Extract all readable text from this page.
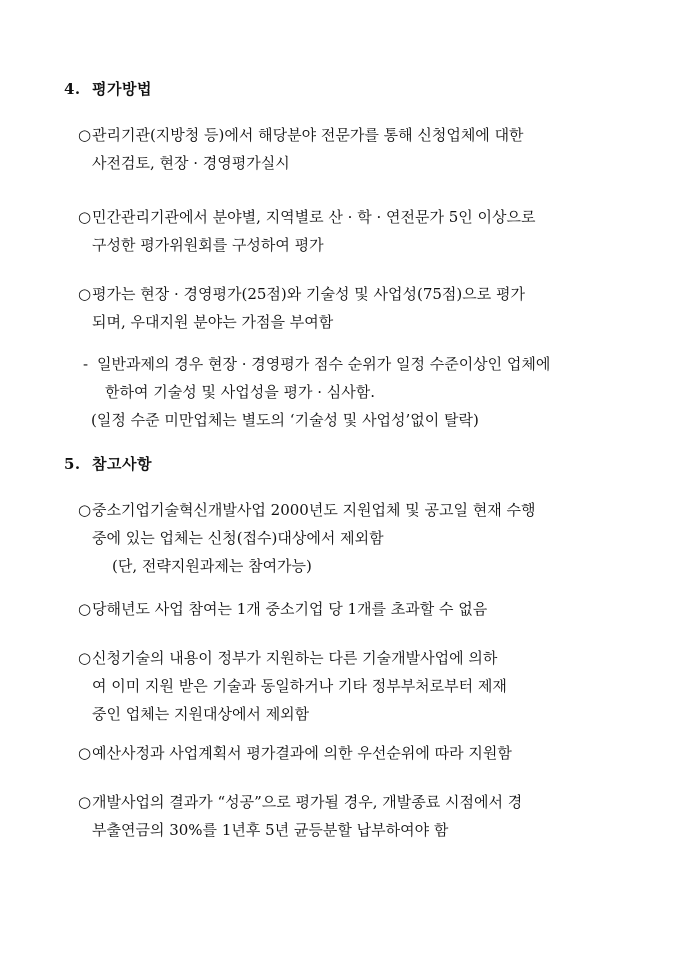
4. 평가방법
○관리기관(지방청 등)에서 해당분야 전문가를 통해 신청업체에 대한
사전검토, 현장 · 경영평가실시
○민간관리기관에서 분야별, 지역별로 산 · 학 · 연전문가 5인 이상으로
구성한 평가위원회를 구성하여 평가
○평가는 현장 · 경영평가(25점)와 기술성 및 사업성(75점)으로 평가
되며, 우대지원 분야는 가점을 부여함
- 일반과제의 경우 현장 · 경영평가 점수 순위가 일정 수준이상인 업체에
한하여 기술성 및 사업성을 평가 · 심사함.
(일정 수준 미만업체는 별도의 ‘기술성 및 사업성’없이 탈락)
5. 참고사항
○중소기업기술혁신개발사업 2000년도 지원업체 및 공고일 현재 수행
중에 있는 업체는 신청(접수)대상에서 제외함
(단, 전략지원과제는 참여가능)
○당해년도 사업 참여는 1개 중소기업 당 1개를 초과할 수 없음
○신청기술의 내용이 정부가 지원하는 다른 기술개발사업에 의하
여 이미 지원 받은 기술과 동일하거나 기타 정부부처로부터 제재
중인 업체는 지원대상에서 제외함
○예산사정과 사업계획서 평가결과에 의한 우선순위에 따라 지원함
○개발사업의 결과가 “성공”으로 평가될 경우, 개발종료 시점에서 경
부출연금의 30%를 1년후 5년 균등분할 납부하여야 함
